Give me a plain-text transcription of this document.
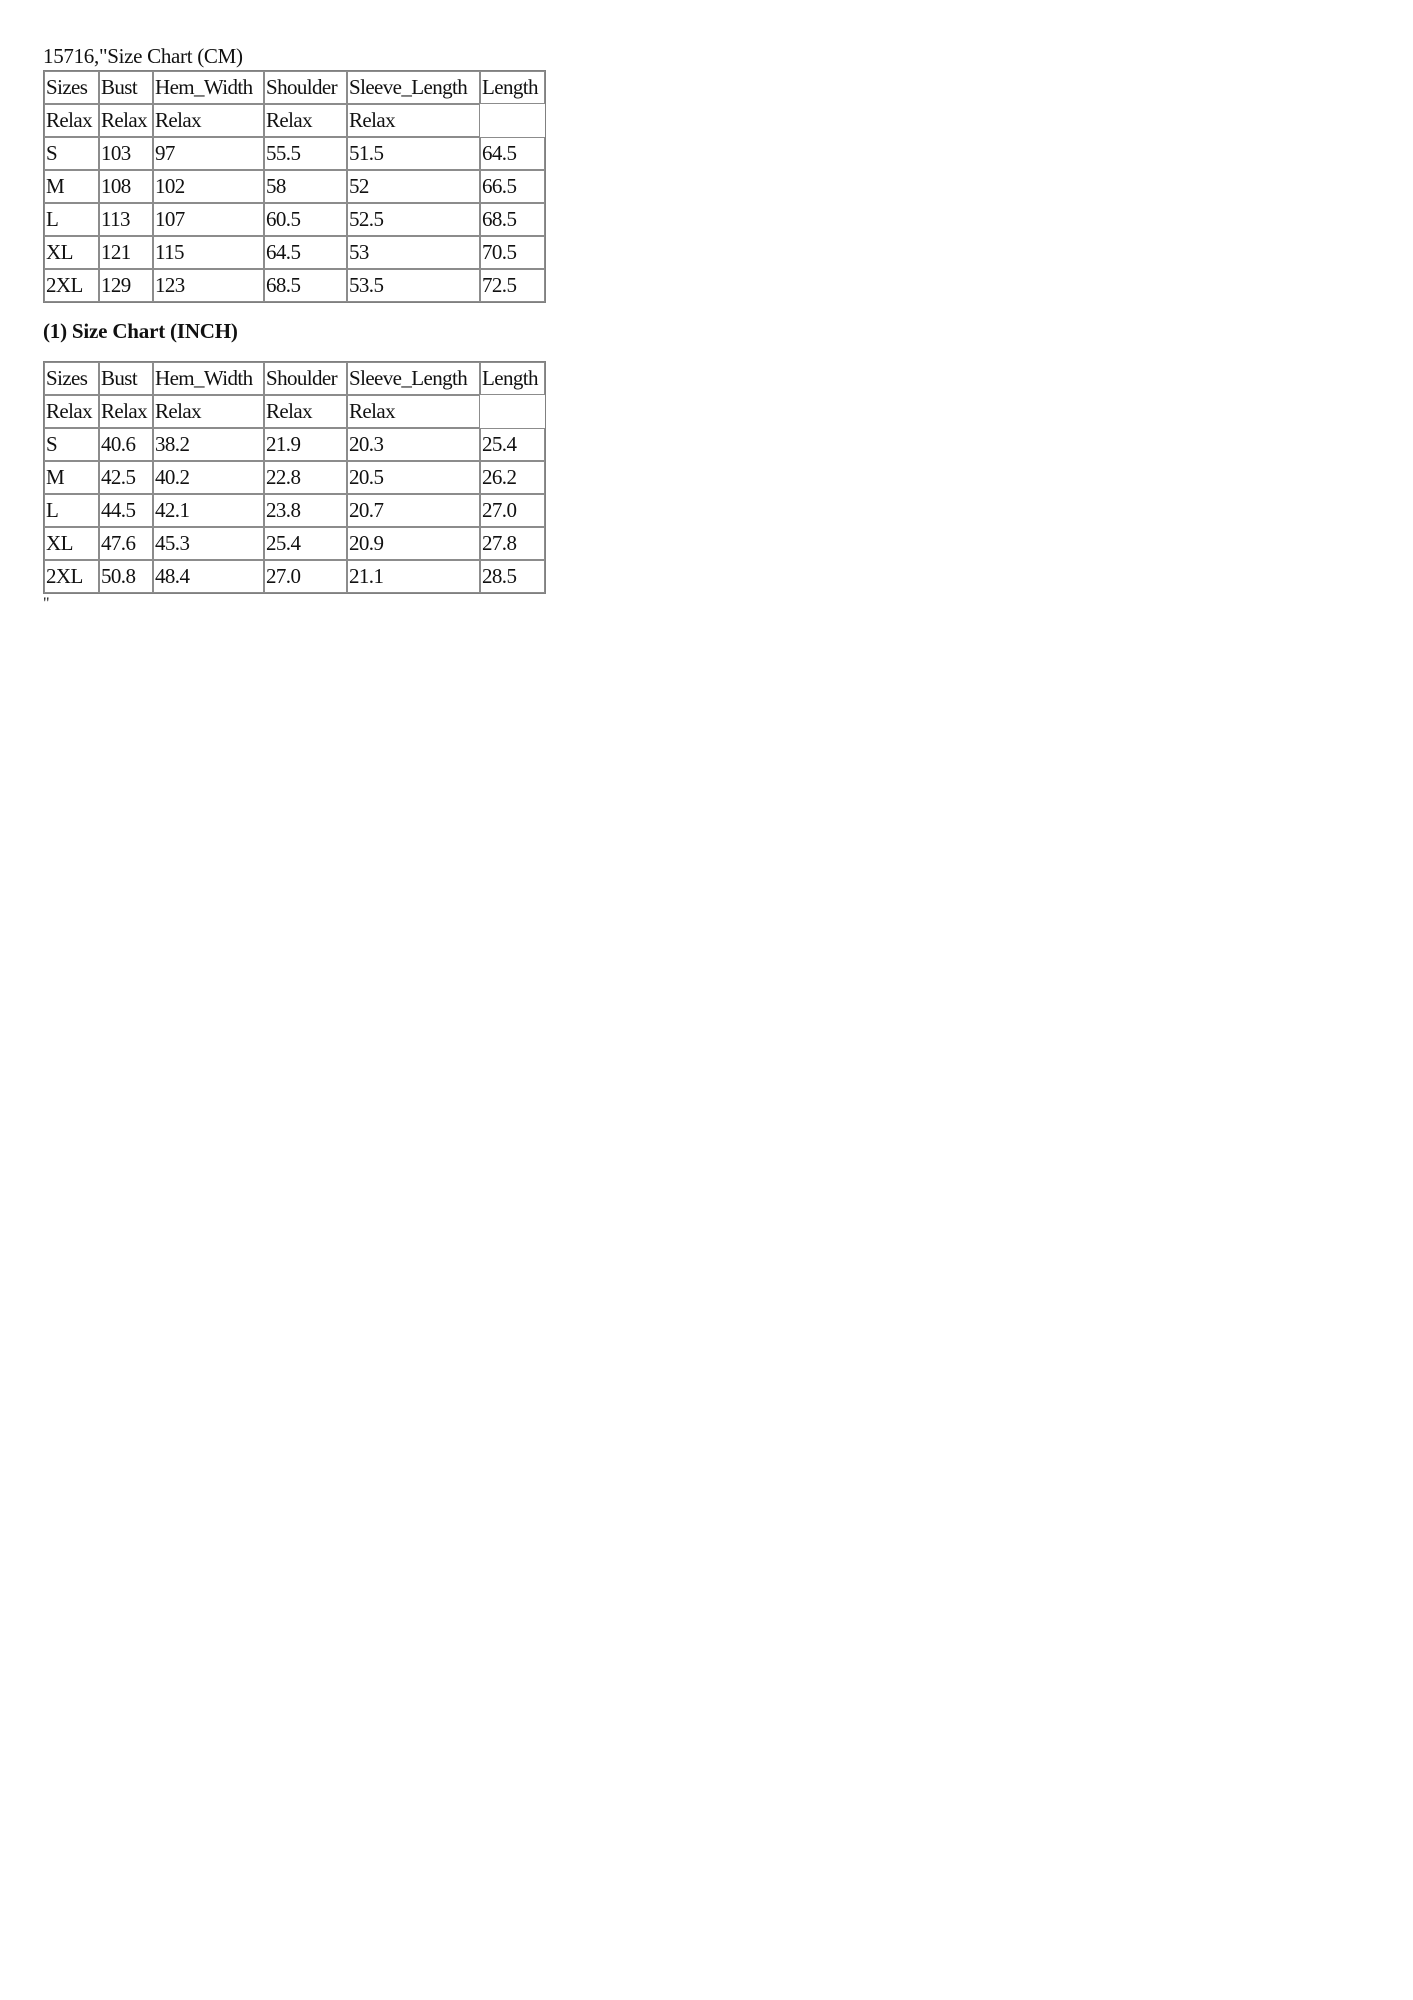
15716,"Size Chart (CM)
Sizes	Bust	Hem_Width	Shoulder	Sleeve_Length	Length
Relax	Relax	Relax	Relax	Relax	
S	103	97	55.5	51.5	64.5
M	108	102	58	52	66.5
L	113	107	60.5	52.5	68.5
XL	121	115	64.5	53	70.5
2XL	129	123	68.5	53.5	72.5
(1) Size Chart (INCH)
Sizes	Bust	Hem_Width	Shoulder	Sleeve_Length	Length
Relax	Relax	Relax	Relax	Relax	
S	40.6	38.2	21.9	20.3	25.4
M	42.5	40.2	22.8	20.5	26.2
L	44.5	42.1	23.8	20.7	27.0
XL	47.6	45.3	25.4	20.9	27.8
2XL	50.8	48.4	27.0	21.1	28.5
"
